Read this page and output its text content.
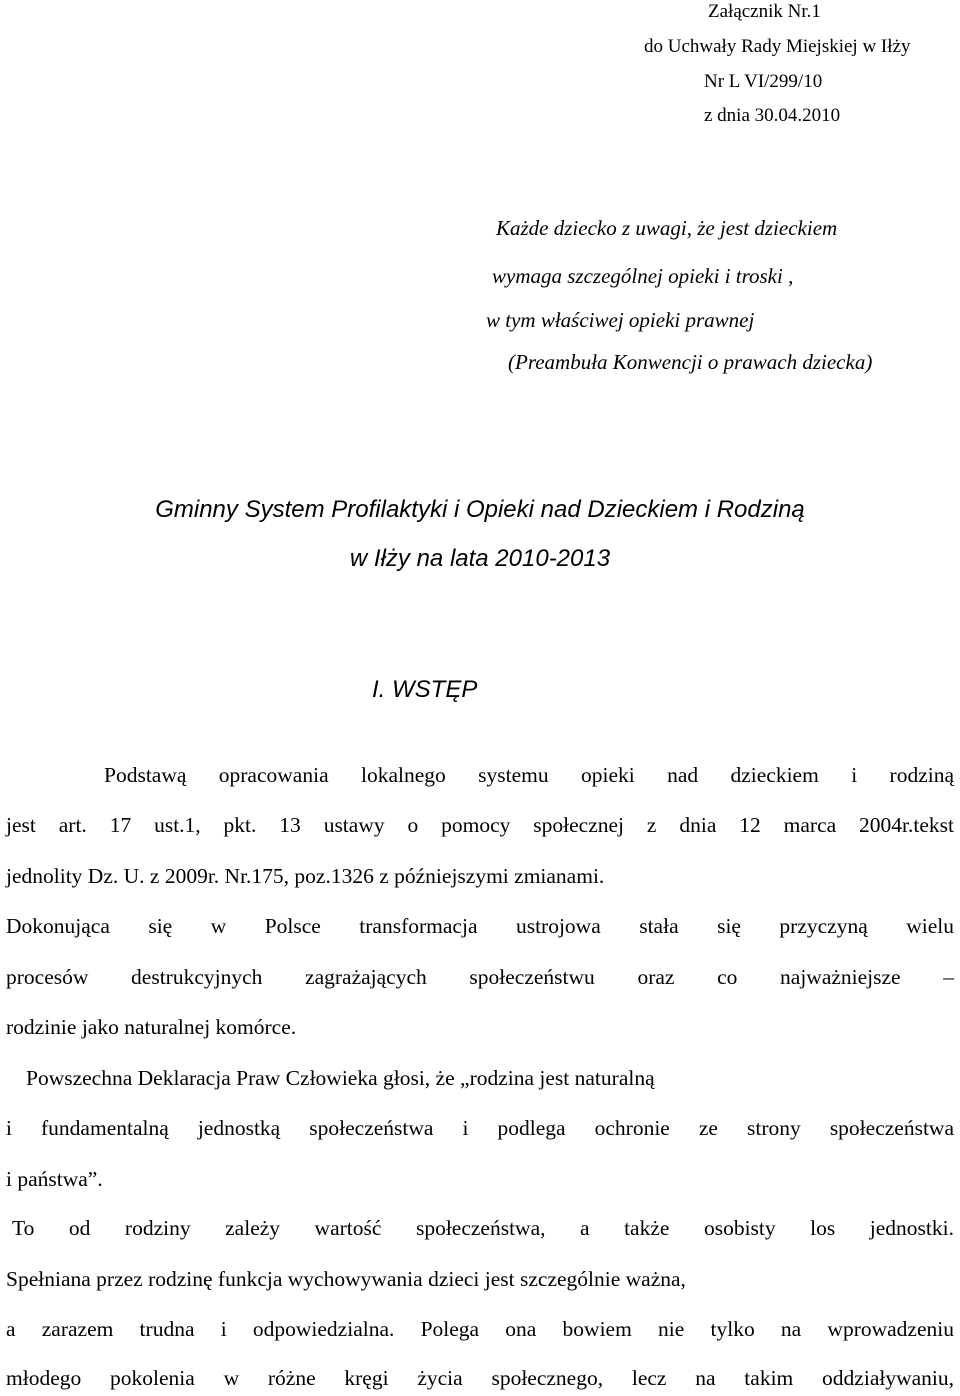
Załącznik Nr.1
do Uchwały Rady Miejskiej w Iłży
Nr L VI/299/10
z dnia 30.04.2010
Każde dziecko z uwagi, że jest dzieckiem
wymaga szczególnej opieki i troski ,
w tym właściwej opieki prawnej
(Preambuła Konwencji o prawach dziecka)
Gminny System Profilaktyki i Opieki nad Dzieckiem i Rodziną
w Iłży na lata 2010-2013
I. WSTĘP
Podstawą opracowania lokalnego systemu opieki nad dzieckiem i rodziną
jest art. 17 ust.1, pkt. 13 ustawy o pomocy społecznej z dnia 12 marca 2004r.tekst
jednolity Dz. U. z 2009r. Nr.175, poz.1326 z późniejszymi zmianami.
Dokonująca się w Polsce transformacja ustrojowa stała się przyczyną wielu
procesów destrukcyjnych zagrażających społeczeństwu oraz co najważniejsze –
rodzinie jako naturalnej komórce.
Powszechna Deklaracja Praw Człowieka głosi, że „rodzina jest naturalną
i fundamentalną jednostką społeczeństwa i podlega ochronie ze strony społeczeństwa
i państwa”.
To od rodziny zależy wartość społeczeństwa, a także osobisty los jednostki.
Spełniana przez rodzinę funkcja wychowywania dzieci jest szczególnie ważna,
a zarazem trudna i odpowiedzialna. Polega ona bowiem nie tylko na wprowadzeniu
młodego pokolenia w różne kręgi życia społecznego, lecz na takim oddziaływaniu,
